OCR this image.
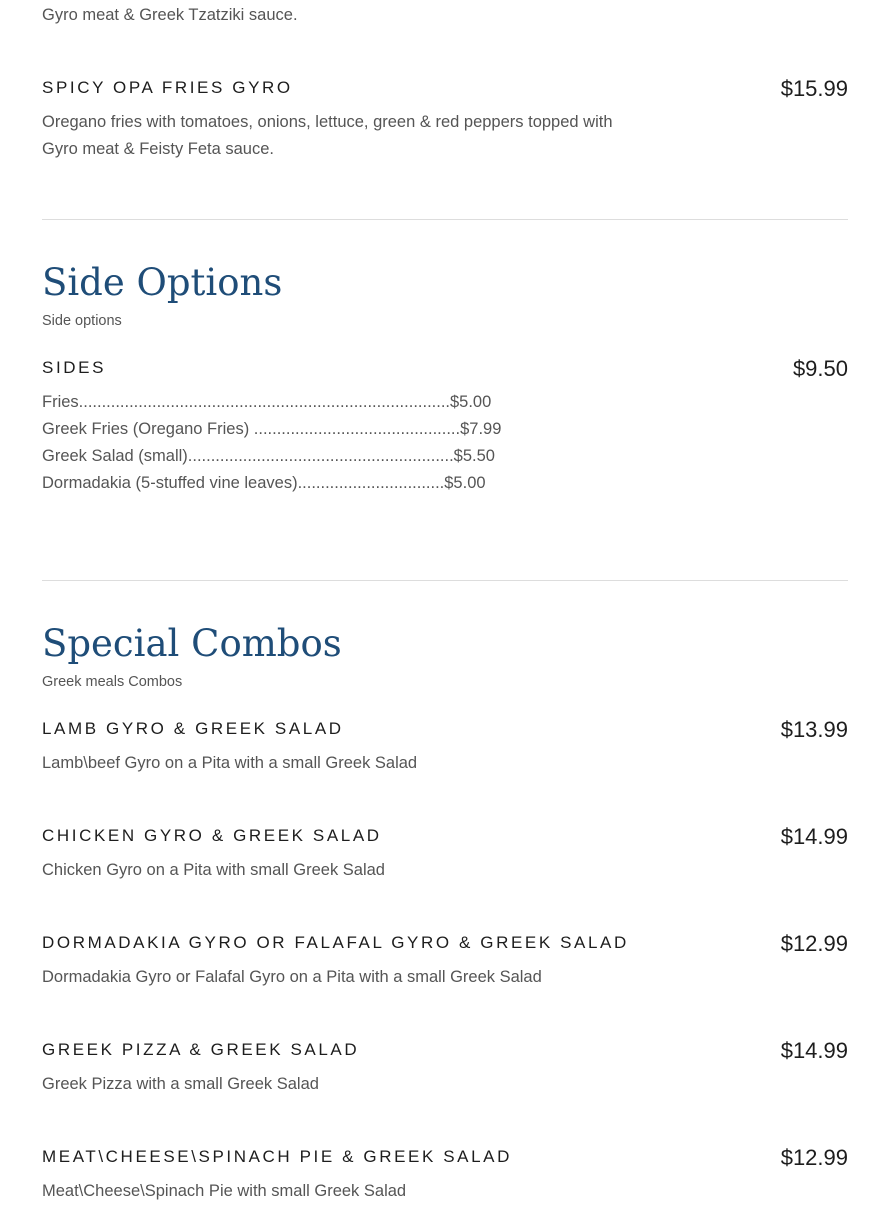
Gyro meat & Greek Tzatziki sauce.
SPICY OPA FRIES GYRO	$15.99
Oregano fries with tomatoes, onions, lettuce, green & red peppers topped with
Gyro meat & Feisty Feta sauce.
Side Options
Side options
SIDES	$9.50
Fries.................................................................................$5.00
Greek Fries (Oregano Fries) .............................................$7.99
Greek Salad (small)..........................................................$5.50
Dormadakia (5-stuffed vine leaves)................................$5.00
Special Combos
Greek meals Combos
LAMB GYRO & GREEK SALAD	$13.99
Lamb\beef Gyro on a Pita with a small Greek Salad
CHICKEN GYRO & GREEK SALAD	$14.99
Chicken Gyro on a Pita with small Greek Salad
DORMADAKIA GYRO OR FALAFAL GYRO & GREEK SALAD	$12.99
Dormadakia Gyro or Falafal Gyro on a Pita with a small Greek Salad
GREEK PIZZA & GREEK SALAD	$14.99
Greek Pizza with a small Greek Salad
MEAT\CHEESE\SPINACH PIE & GREEK SALAD	$12.99
Meat\Cheese\Spinach Pie with small Greek Salad
